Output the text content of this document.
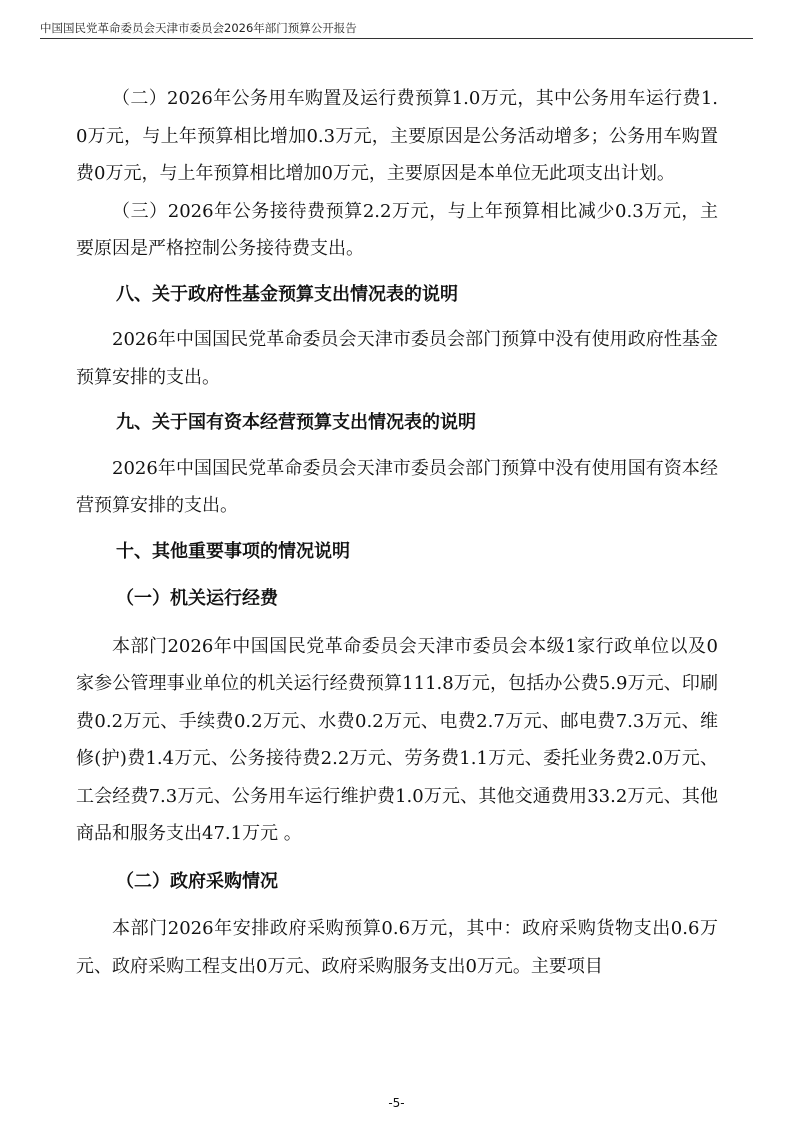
中国国民党革命委员会天津市委员会2026年部门预算公开报告

（二）2026年公务用车购置及运行费预算1.0万元，其中公务用车运行费1.0万元，与上年预算相比增加0.3万元，主要原因是公务活动增多；公务用车购置费0万元，与上年预算相比增加0万元，主要原因是本单位无此项支出计划。

（三）2026年公务接待费预算2.2万元，与上年预算相比减少0.3万元，主要原因是严格控制公务接待费支出。

八、关于政府性基金预算支出情况表的说明

2026年中国国民党革命委员会天津市委员会部门预算中没有使用政府性基金预算安排的支出。

九、关于国有资本经营预算支出情况表的说明

2026年中国国民党革命委员会天津市委员会部门预算中没有使用国有资本经营预算安排的支出。

十、其他重要事项的情况说明
（一）机关运行经费

本部门2026年中国国民党革命委员会天津市委员会本级1家行政单位以及0家参公管理事业单位的机关运行经费预算111.8万元，包括办公费5.9万元、印刷费0.2万元、手续费0.2万元、水费0.2万元、电费2.7万元、邮电费7.3万元、维修(护)费1.4万元、公务接待费2.2万元、劳务费1.1万元、委托业务费2.0万元、工会经费7.3万元、公务用车运行维护费1.0万元、其他交通费用33.2万元、其他商品和服务支出47.1万元 。

（二）政府采购情况

本部门2026年安排政府采购预算0.6万元，其中：政府采购货物支出0.6万元、政府采购工程支出0万元、政府采购服务支出0万元。主要项目

-5-
